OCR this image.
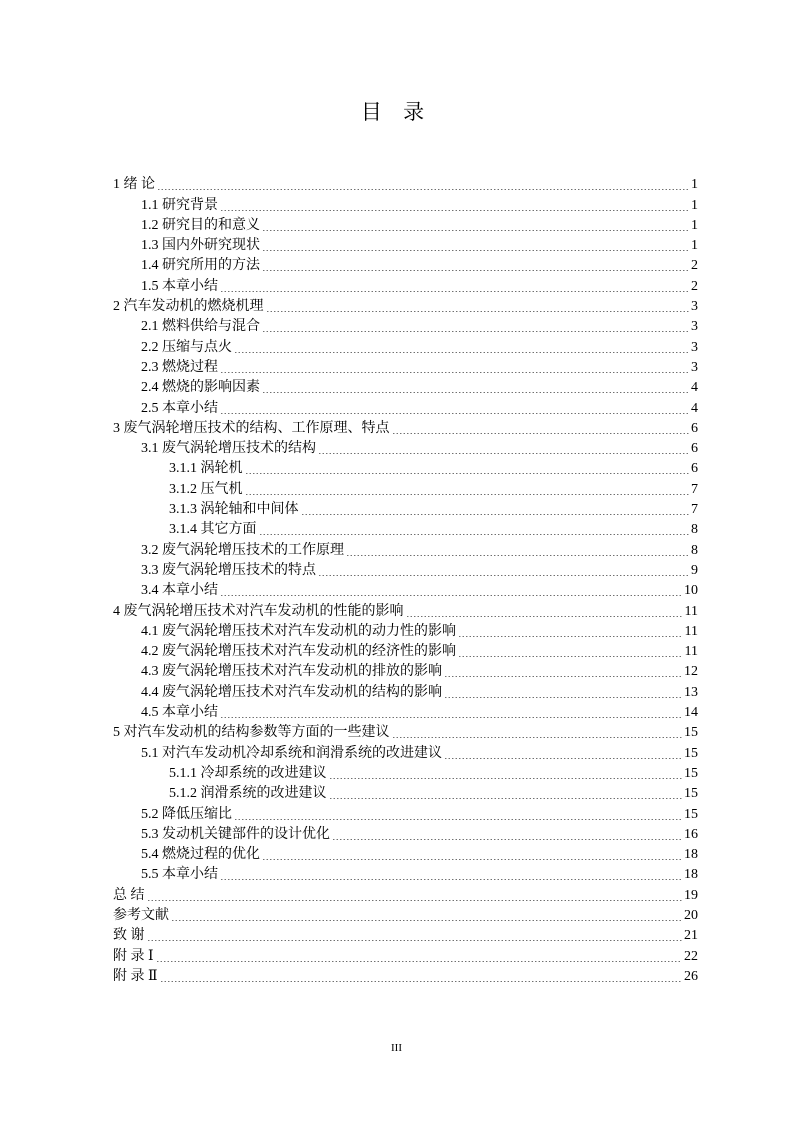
目 录
1 绪 论	1
1.1 研究背景	1
1.2 研究目的和意义	1
1.3 国内外研究现状	1
1.4 研究所用的方法	2
1.5 本章小结	2
2 汽车发动机的燃烧机理	3
2.1 燃料供给与混合	3
2.2 压缩与点火	3
2.3 燃烧过程	3
2.4 燃烧的影响因素	4
2.5 本章小结	4
3 废气涡轮增压技术的结构、工作原理、特点	6
3.1 废气涡轮增压技术的结构	6
3.1.1 涡轮机	6
3.1.2 压气机	7
3.1.3 涡轮轴和中间体	7
3.1.4 其它方面	8
3.2 废气涡轮增压技术的工作原理	8
3.3 废气涡轮增压技术的特点	9
3.4 本章小结	10
4 废气涡轮增压技术对汽车发动机的性能的影响	11
4.1 废气涡轮增压技术对汽车发动机的动力性的影响	11
4.2 废气涡轮增压技术对汽车发动机的经济性的影响	11
4.3 废气涡轮增压技术对汽车发动机的排放的影响	12
4.4 废气涡轮增压技术对汽车发动机的结构的影响	13
4.5 本章小结	14
5 对汽车发动机的结构参数等方面的一些建议	15
5.1 对汽车发动机冷却系统和润滑系统的改进建议	15
5.1.1 冷却系统的改进建议	15
5.1.2 润滑系统的改进建议	15
5.2 降低压缩比	15
5.3 发动机关键部件的设计优化	16
5.4 燃烧过程的优化	18
5.5 本章小结	18
总 结	19
参考文献	20
致 谢	21
附 录 Ⅰ	22
附 录 Ⅱ	26
III
